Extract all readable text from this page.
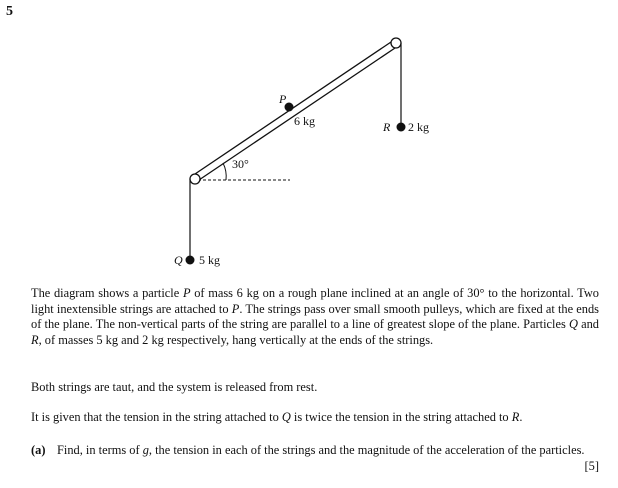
5
P
6 kg	R 2 kg
Q 5 kg
30°

The diagram shows a particle P of mass 6 kg on a rough plane inclined at an angle of 30° to the horizontal. Two light inextensible strings are attached to P. The strings pass over small smooth pulleys, which are fixed at the ends of the plane. The non-vertical parts of the string are parallel to a line of greatest slope of the plane. Particles Q and R, of masses 5 kg and 2 kg respectively, hang vertically at the ends of the strings.

Both strings are taut, and the system is released from rest.

It is given that the tension in the string attached to Q is twice the tension in the string attached to R.

(a) Find, in terms of g, the tension in each of the strings and the magnitude of the acceleration of the particles.
[5]
